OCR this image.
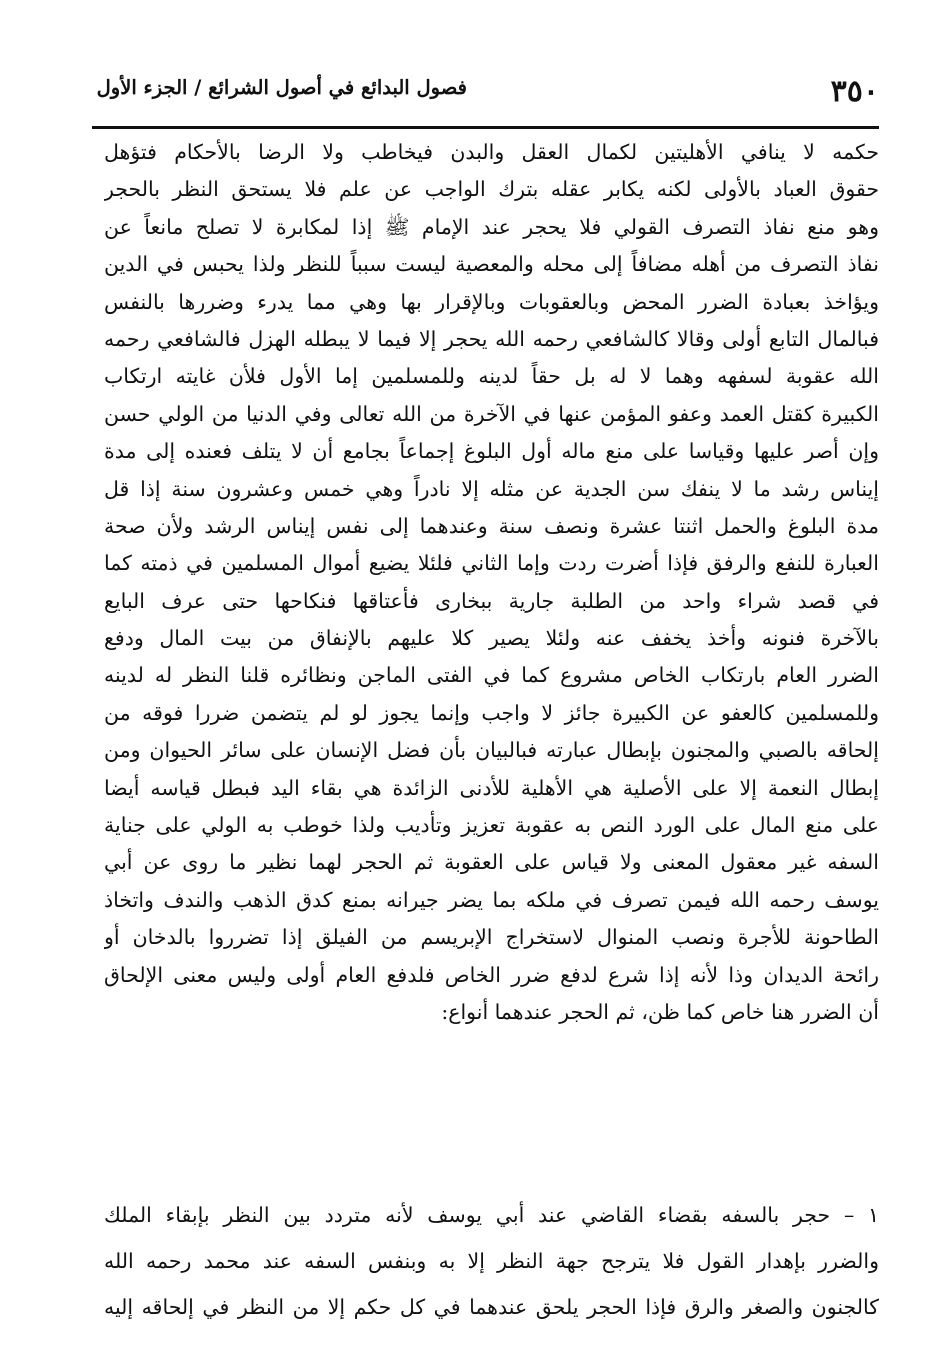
٣٥٠
فصول البدائع في أصول الشرائع / الجزء الأول
حكمه لا ينافي الأهليتين لكمال العقل والبدن فيخاطب ولا الرضا بالأحكام فتؤهل
حقوق العباد بالأولى لكنه يكابر عقله بترك الواجب عن علم فلا يستحق النظر بالحجر
وهو منع نفاذ التصرف القولي فلا يحجر عند الإمام ﷺ إذا لمكابرة لا تصلح مانعاً عن
نفاذ التصرف من أهله مضافاً إلى محله والمعصية ليست سبباً للنظر ولذا يحبس في الدين
ويؤاخذ بعبادة الضرر المحض وبالعقوبات وبالإقرار بها وهي مما يدرء وضررها بالنفس
فبالمال التابع أولى وقالا كالشافعي رحمه الله يحجر إلا فيما لا يبطله الهزل فالشافعي رحمه
الله عقوبة لسفهه وهما لا له بل حقاً لدينه وللمسلمين إما الأول فلأن غايته ارتكاب
الكبيرة كقتل العمد وعفو المؤمن عنها في الآخرة من الله تعالى وفي الدنيا من الولي حسن
وإن أصر عليها وقياسا على منع ماله أول البلوغ إجماعاً بجامع أن لا يتلف فعنده إلى مدة
إيناس رشد ما لا ينفك سن الجدية عن مثله إلا نادراً وهي خمس وعشرون سنة إذا قل
مدة البلوغ والحمل اثنتا عشرة ونصف سنة وعندهما إلى نفس إيناس الرشد ولأن صحة
العبارة للنفع والرفق فإذا أضرت ردت وإما الثاني فلئلا يضيع أموال المسلمين في ذمته كما
في قصد شراء واحد من الطلبة جارية ببخارى فأعتاقها فنكاحها حتى عرف البايع
بالآخرة فنونه وأخذ يخفف عنه ولئلا يصير كلا عليهم بالإنفاق من بيت المال ودفع
الضرر العام بارتكاب الخاص مشروع كما في الفتى الماجن ونظائره قلنا النظر له لدينه
وللمسلمين كالعفو عن الكبيرة جائز لا واجب وإنما يجوز لو لم يتضمن ضررا فوقه من
إلحاقه بالصبي والمجنون بإبطال عبارته فبالبيان بأن فضل الإنسان على سائر الحيوان ومن
إبطال النعمة إلا على الأصلية هي الأهلية للأدنى الزائدة هي بقاء اليد فبطل قياسه أيضا
على منع المال على الورد النص به عقوبة تعزيز وتأديب ولذا خوطب به الولي على جناية
السفه غير معقول المعنى ولا قياس على العقوبة ثم الحجر لهما نظير ما روى عن أبي
يوسف رحمه الله فيمن تصرف في ملكه بما يضر جيرانه بمنع كدق الذهب والندف واتخاذ
الطاحونة للأجرة ونصب المنوال لاستخراج الإبريسم من الفيلق إذا تضرروا بالدخان أو
رائحة الديدان وذا لأنه إذا شرع لدفع ضرر الخاص فلدفع العام أولى وليس معنى الإلحاق
أن الضرر هنا خاص كما ظن، ثم الحجر عندهما أنواع:
١ – حجر بالسفه بقضاء القاضي عند أبي يوسف لأنه متردد بين النظر بإبقاء الملك
والضرر بإهدار القول فلا يترجح جهة النظر إلا به وبنفس السفه عند محمد رحمه الله
كالجنون والصغر والرق فإذا الحجر يلحق عندهما في كل حكم إلا من النظر في إلحاقه إليه
